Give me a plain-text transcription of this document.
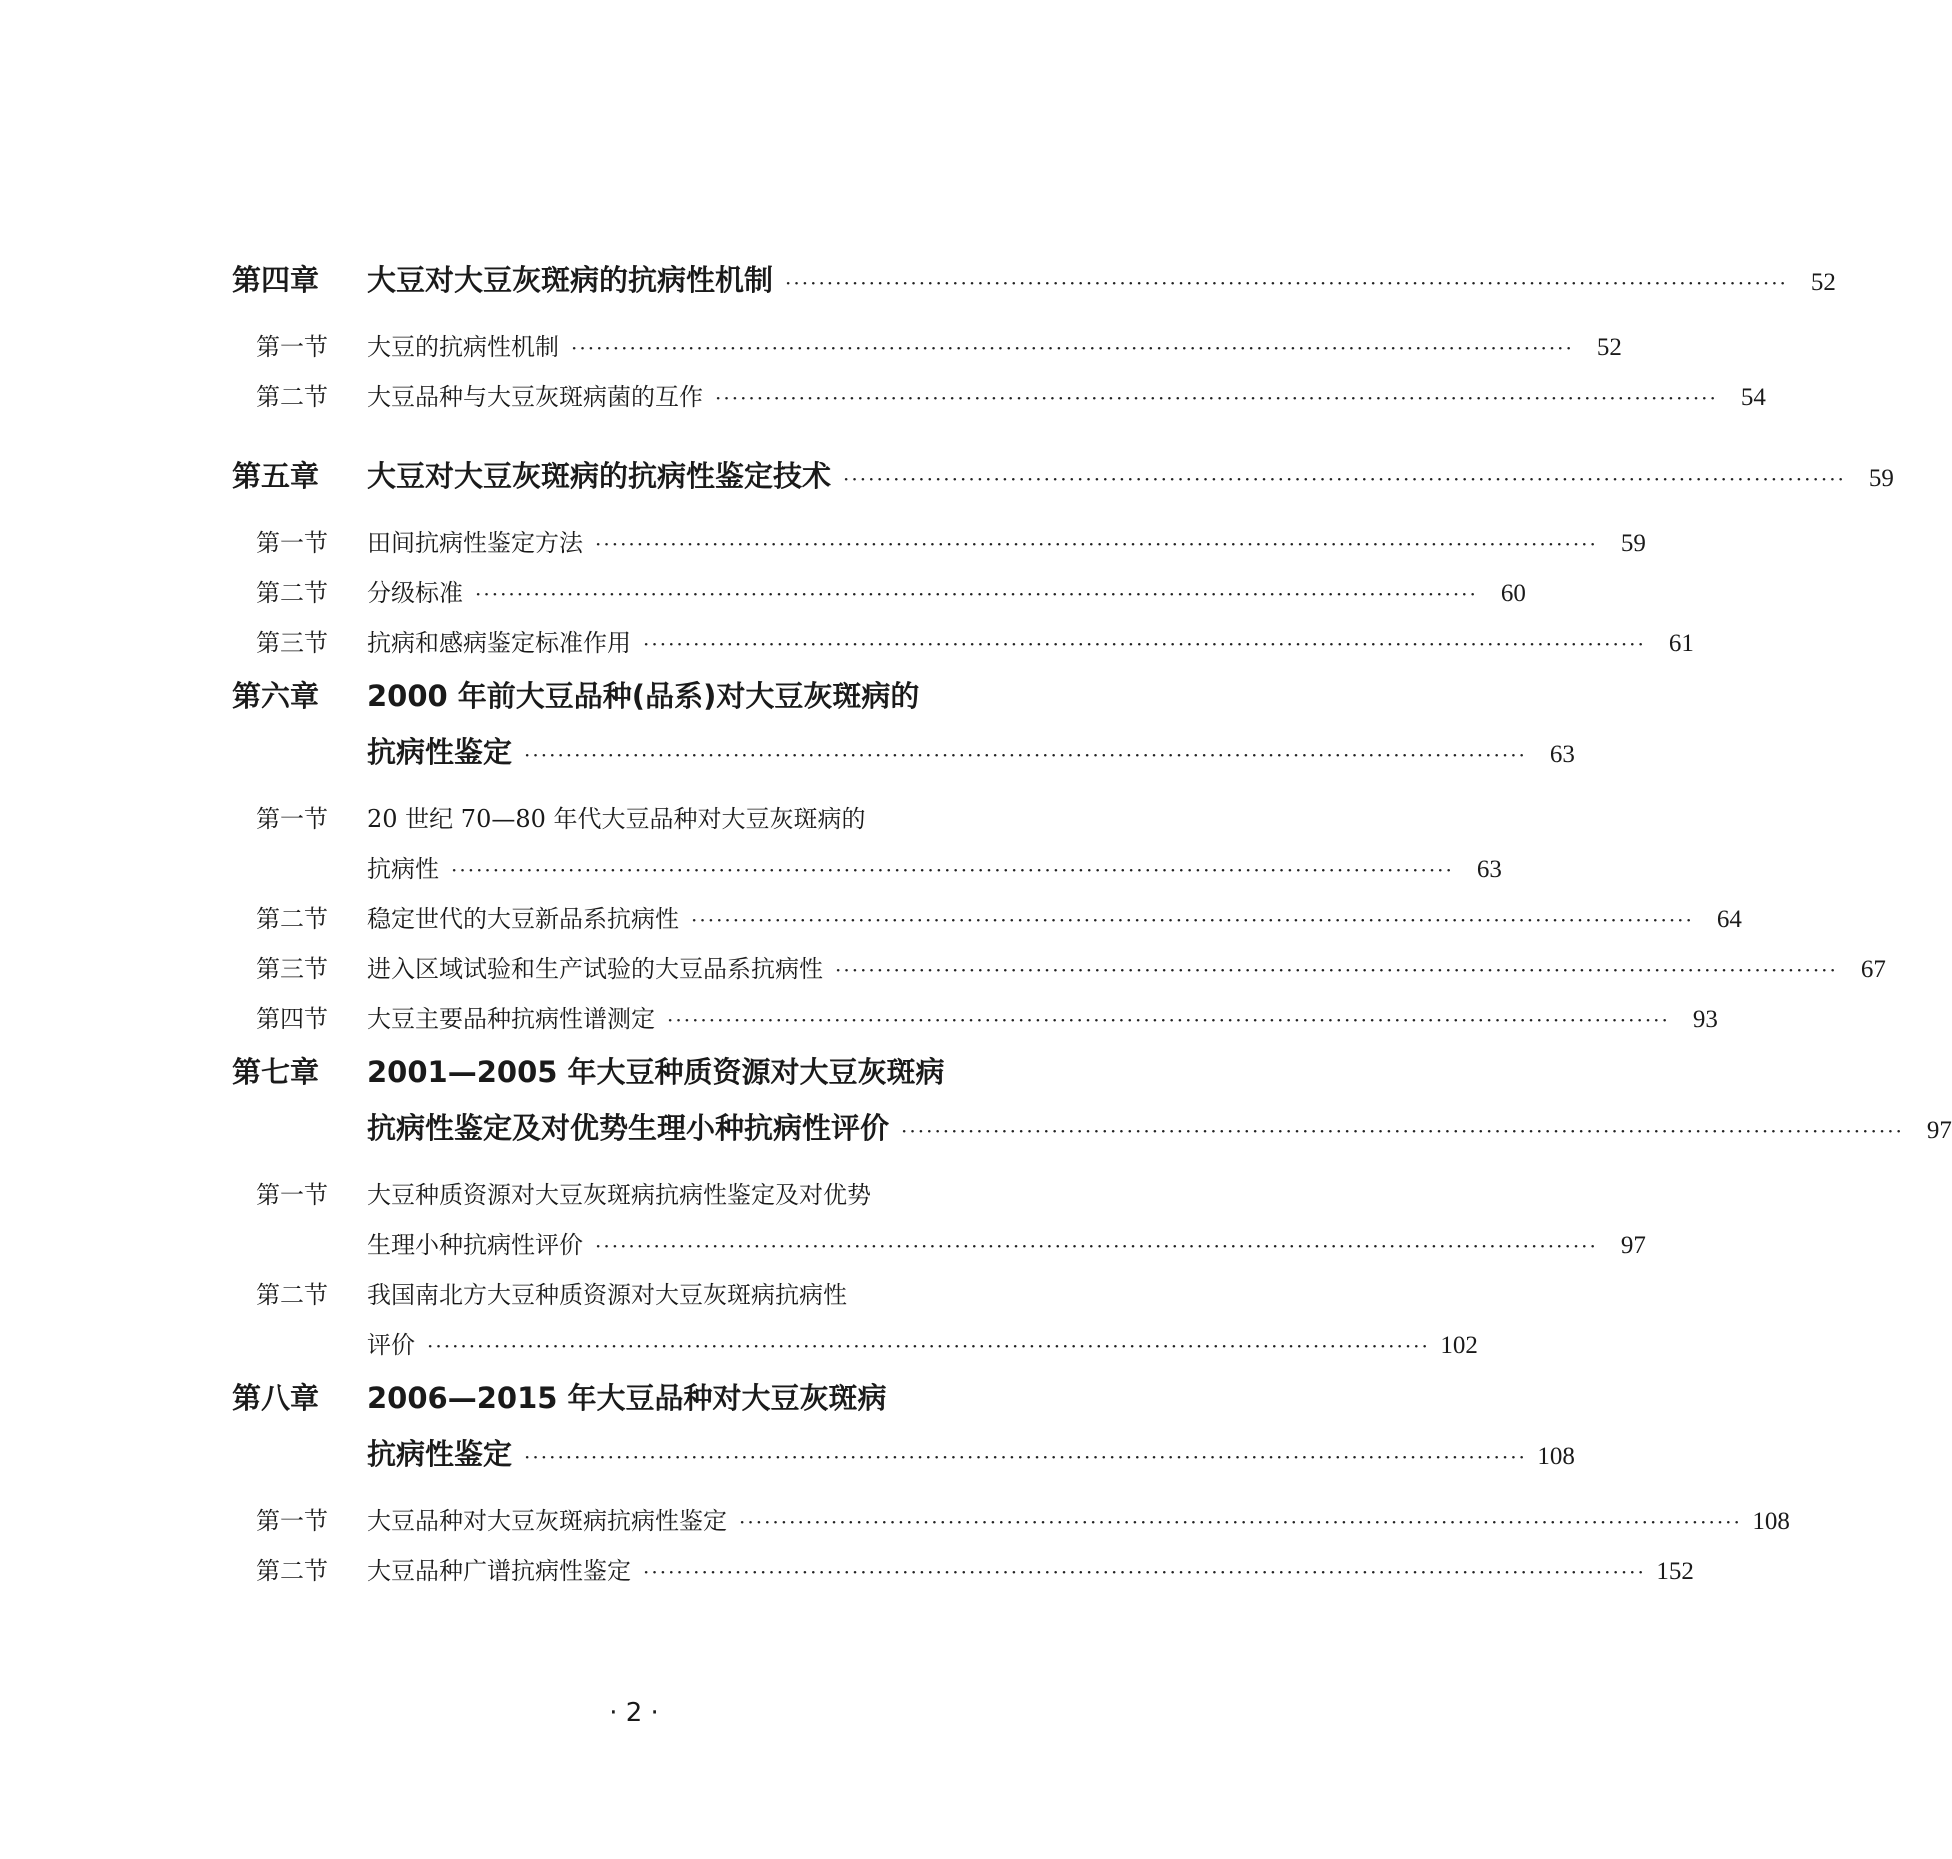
第四章	大豆对大豆灰斑病的抗病性机制 ························································································································ 52
第一节	大豆的抗病性机制 ························································································································ 52
第二节	大豆品种与大豆灰斑病菌的互作 ························································································································ 54
第五章	大豆对大豆灰斑病的抗病性鉴定技术 ························································································································ 59
第一节	田间抗病性鉴定方法 ························································································································ 59
第二节	分级标准 ························································································································ 60
第三节	抗病和感病鉴定标准作用 ························································································································ 61
第六章	2000 年前大豆品种(品系)对大豆灰斑病的
抗病性鉴定 ························································································································ 63
第一节	20 世纪 70—80 年代大豆品种对大豆灰斑病的
抗病性 ························································································································ 63
第二节	稳定世代的大豆新品系抗病性 ························································································································ 64
第三节	进入区域试验和生产试验的大豆品系抗病性 ························································································································ 67
第四节	大豆主要品种抗病性谱测定 ························································································································ 93
第七章	2001—2005 年大豆种质资源对大豆灰斑病
抗病性鉴定及对优势生理小种抗病性评价 ························································································································ 97
第一节	大豆种质资源对大豆灰斑病抗病性鉴定及对优势
生理小种抗病性评价 ························································································································ 97
第二节	我国南北方大豆种质资源对大豆灰斑病抗病性
评价 ························································································································ 102
第八章	2006—2015 年大豆品种对大豆灰斑病
抗病性鉴定 ························································································································ 108
第一节	大豆品种对大豆灰斑病抗病性鉴定 ························································································································ 108
第二节	大豆品种广谱抗病性鉴定 ························································································································ 152
· 2 ·
